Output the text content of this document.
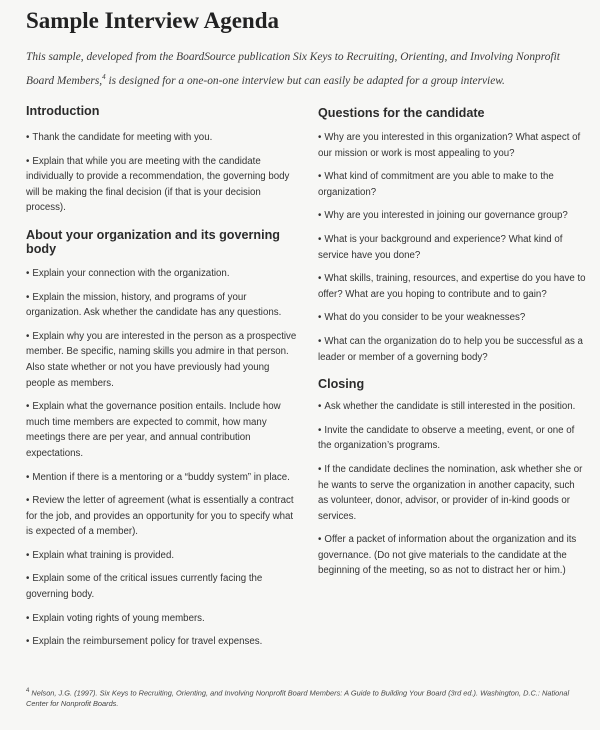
Sample Interview Agenda
This sample, developed from the BoardSource publication Six Keys to Recruiting, Orienting, and Involving Nonprofit Board Members,$^4$ is designed for a one-on-one interview but can easily be adapted for a group interview.
Introduction
• Thank the candidate for meeting with you.
• Explain that while you are meeting with the candidate individually to provide a recommendation, the governing body will be making the final decision (if that is your decision process).
About your organization and its governing body
• Explain your connection with the organization.
• Explain the mission, history, and programs of your organization. Ask whether the candidate has any questions.
• Explain why you are interested in the person as a prospective member. Be specific, naming skills you admire in that person. Also state whether or not you have previously had young people as members.
• Explain what the governance position entails. Include how much time members are expected to commit, how many meetings there are per year, and annual contribution expectations.
• Mention if there is a mentoring or a “buddy system” in place.
• Review the letter of agreement (what is essentially a contract for the job, and provides an opportunity for you to specify what is expected of a member).
• Explain what training is provided.
• Explain some of the critical issues currently facing the governing body.
• Explain voting rights of young members.
• Explain the reimbursement policy for travel expenses.
Questions for the candidate
• Why are you interested in this organization? What aspect of our mission or work is most appealing to you?
• What kind of commitment are you able to make to the organization?
• Why are you interested in joining our governance group?
• What is your background and experience? What kind of service have you done?
• What skills, training, resources, and expertise do you have to offer? What are you hoping to contribute and to gain?
• What do you consider to be your weaknesses?
• What can the organization do to help you be successful as a leader or member of a governing body?
Closing
• Ask whether the candidate is still interested in the position.
• Invite the candidate to observe a meeting, event, or one of the organization’s programs.
• If the candidate declines the nomination, ask whether she or he wants to serve the organization in another capacity, such as volunteer, donor, advisor, or provider of in-kind goods or services.
• Offer a packet of information about the organization and its governance. (Do not give materials to the candidate at the beginning of the meeting, so as not to distract her or him.)
$^4$ Nelson, J.G. (1997). Six Keys to Recruiting, Orienting, and Involving Nonprofit Board Members: A Guide to Building Your Board (3rd ed.). Washington, D.C.: National Center for Nonprofit Boards.
